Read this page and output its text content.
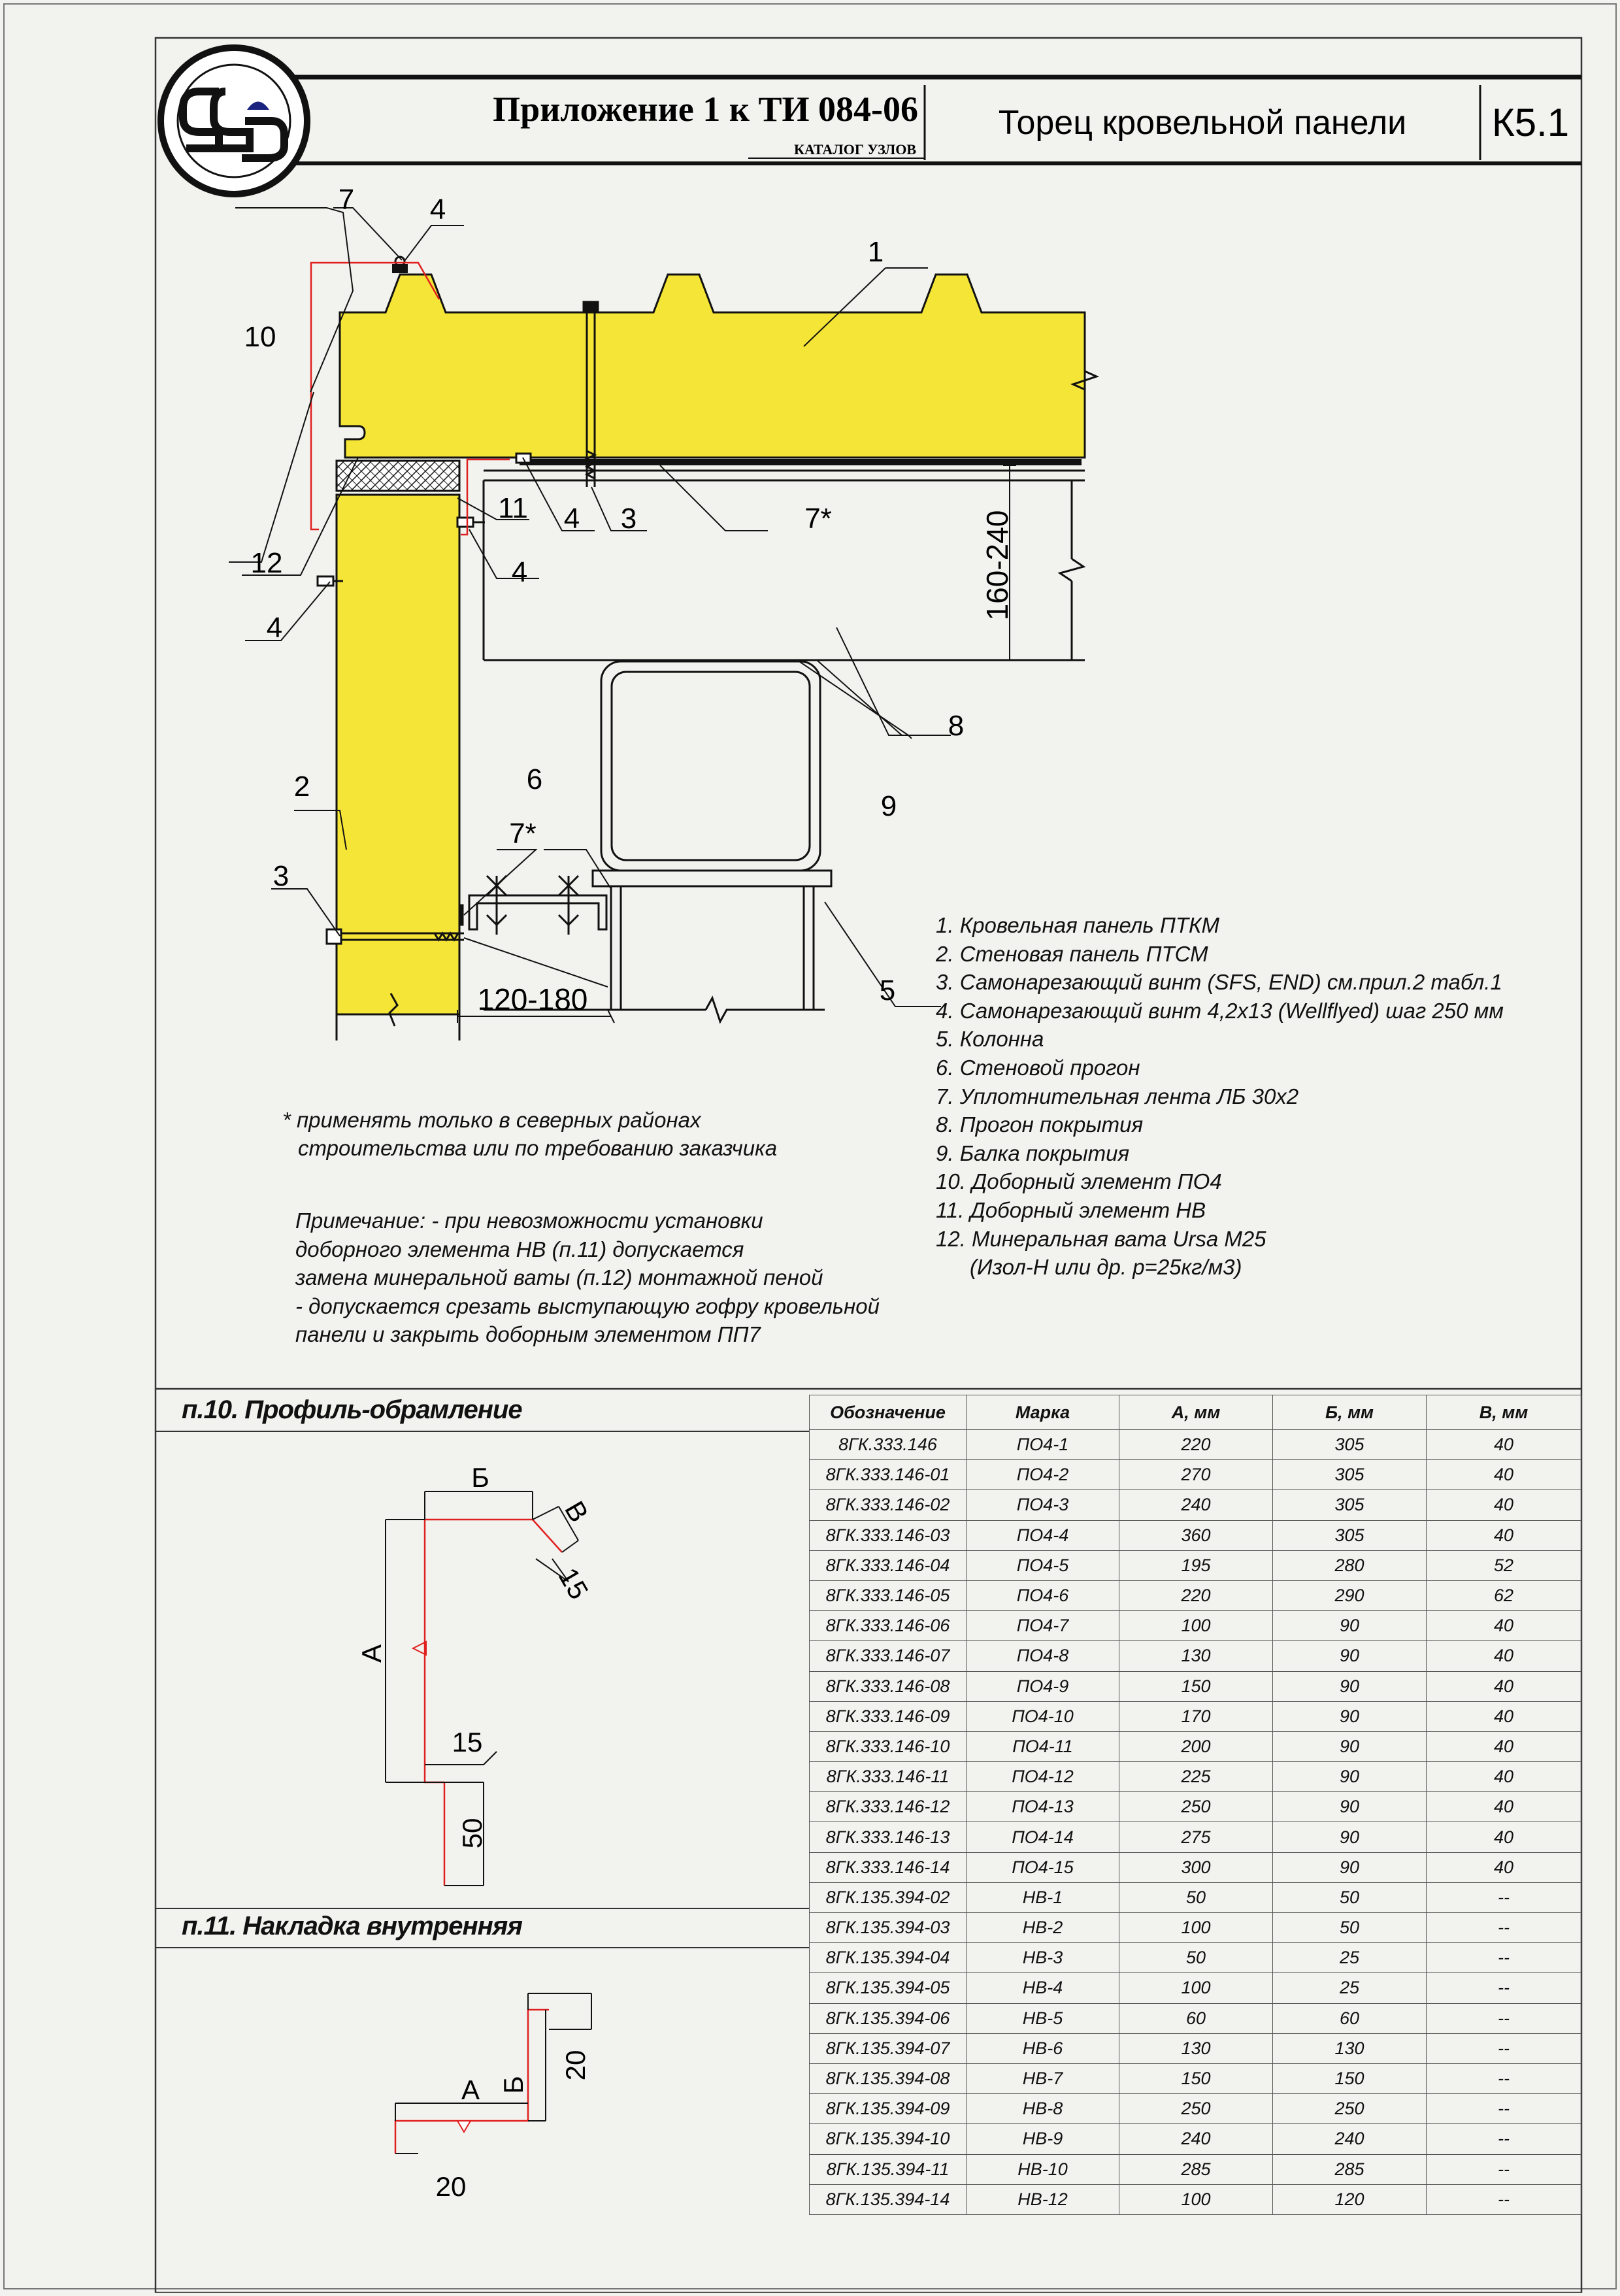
Приложение 1 к ТИ 084-06
КАТАЛОГ УЗЛОВ
Торец кровельной панели К5.1
160-240
120-180
7	4
1
10
11 4 3	7*
12	4
4
8
9
2	6
7*
3
5
Б
В
15
А
15
50
А Б
20
20
1. Кровельная панель ПТКМ
2. Стеновая панель ПТСМ
3. Самонарезающий винт (SFS, END) см.прил.2 табл.1
4. Самонарезающий винт 4,2х13 (Wellflyed) шаг 250 мм
5. Колонна
6. Стеновой прогон
7. Уплотнительная лента ЛБ 30х2
8. Прогон покрытия
9. Балка покрытия
10. Доборный элемент ПО4
11. Доборный элемент НВ
12. Минеральная вата Ursa M25
(Изол-Н или др. р=25кг/м3)
* применять только в северных районах
строительства или по требованию заказчика
Примечание: - при невозможности установки
доборного элемента НВ (п.11) допускается
замена минеральной ваты (п.12) монтажной пеной
- допускается срезать выступающую гофру кровельной
панели и закрыть доборным элементом ПП7
п.10. Профиль-обрамление
п.11. Накладка внутренняя
Обозначение	Марка	А, мм	Б, мм	В, мм
8ГК.333.146	ПО4-1	220	305	40
8ГК.333.146-01	ПО4-2	270	305	40
8ГК.333.146-02	ПО4-3	240	305	40
8ГК.333.146-03	ПО4-4	360	305	40
8ГК.333.146-04	ПО4-5	195	280	52
8ГК.333.146-05	ПО4-6	220	290	62
8ГК.333.146-06	ПО4-7	100	90	40
8ГК.333.146-07	ПО4-8	130	90	40
8ГК.333.146-08	ПО4-9	150	90	40
8ГК.333.146-09	ПО4-10	170	90	40
8ГК.333.146-10	ПО4-11	200	90	40
8ГК.333.146-11	ПО4-12	225	90	40
8ГК.333.146-12	ПО4-13	250	90	40
8ГК.333.146-13	ПО4-14	275	90	40
8ГК.333.146-14	ПО4-15	300	90	40
8ГК.135.394-02	НВ-1	50	50	--
8ГК.135.394-03	НВ-2	100	50	--
8ГК.135.394-04	НВ-3	50	25	--
8ГК.135.394-05	НВ-4	100	25	--
8ГК.135.394-06	НВ-5	60	60	--
8ГК.135.394-07	НВ-6	130	130	--
8ГК.135.394-08	НВ-7	150	150	--
8ГК.135.394-09	НВ-8	250	250	--
8ГК.135.394-10	НВ-9	240	240	--
8ГК.135.394-11	НВ-10	285	285	--
8ГК.135.394-14	НВ-12	100	120	--
